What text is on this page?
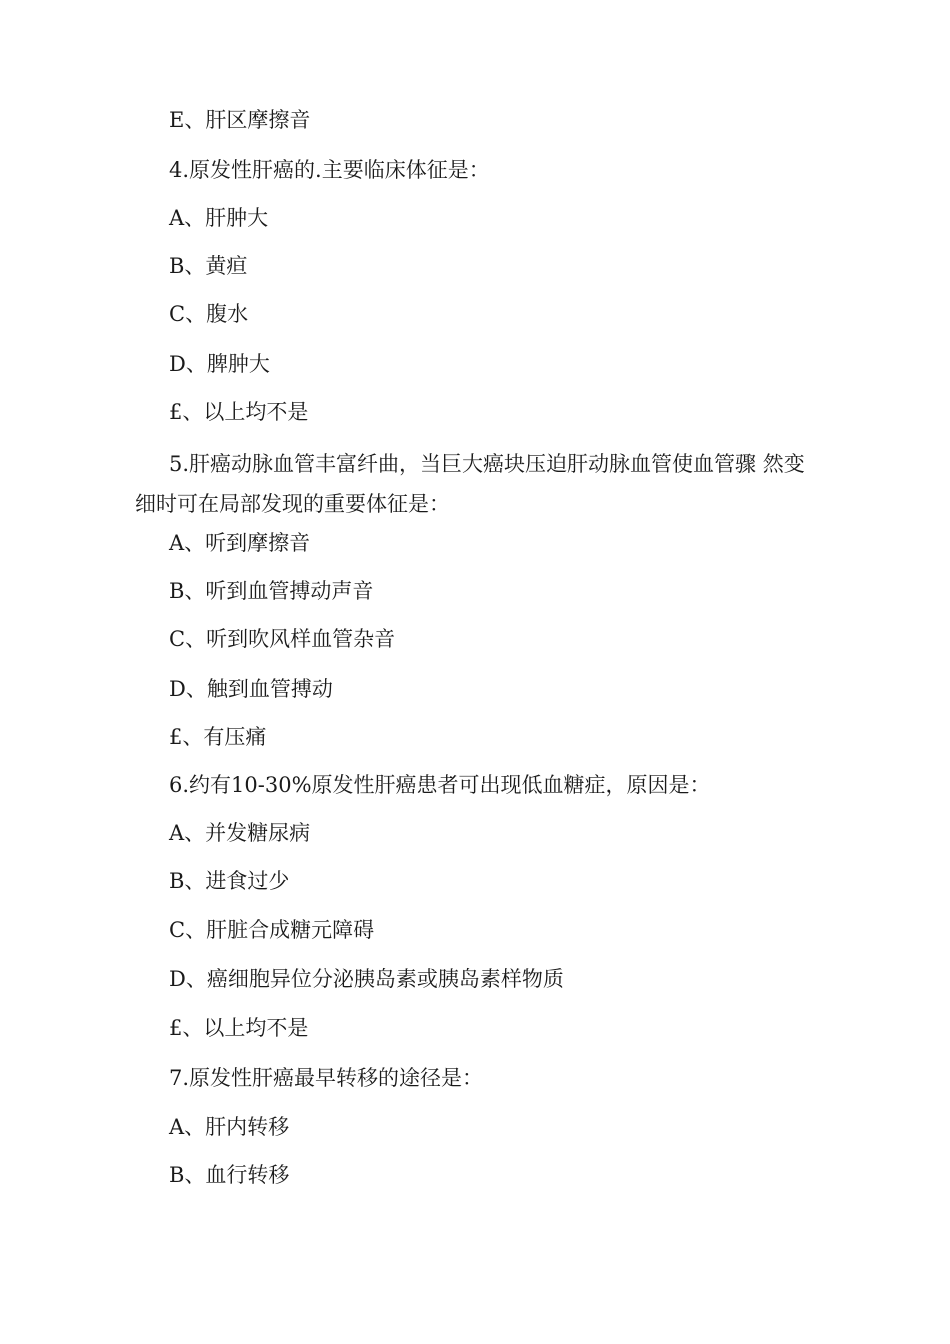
E、肝区摩擦音

4.原发性肝癌的.主要临床体征是：

A、肝肿大

B、黄疸

C、腹水

D、脾肿大

£、以上均不是

5.肝癌动脉血管丰富纤曲，当巨大癌块压迫肝动脉血管使血管骤 然变细时可在局部发现的重要体征是：

A、听到摩擦音

B、听到血管搏动声音

C、听到吹风样血管杂音

D、触到血管搏动

£、有压痛

6.约有10-30%原发性肝癌患者可出现低血糖症，原因是：

A、并发糖尿病

B、进食过少

C、肝脏合成糖元障碍

D、癌细胞异位分泌胰岛素或胰岛素样物质

£、以上均不是

7.原发性肝癌最早转移的途径是：

A、肝内转移

B、血行转移
